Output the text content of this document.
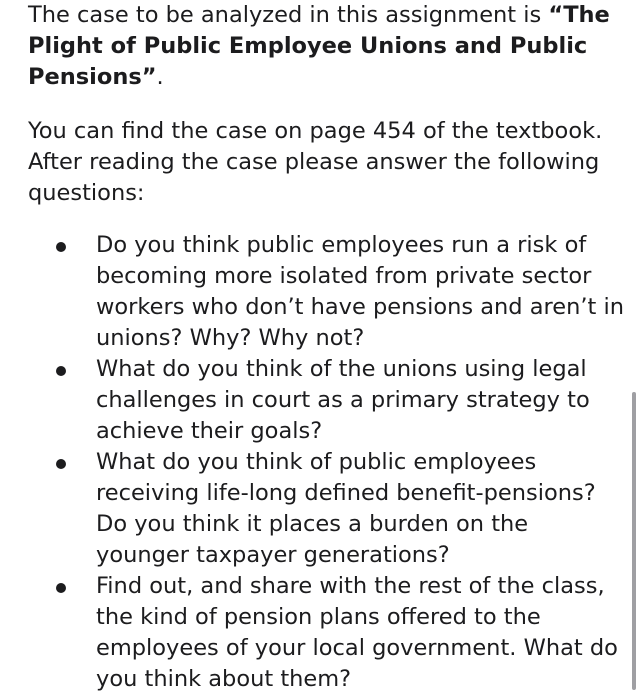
The case to be analyzed in this assignment is “The Plight of Public Employee Unions and Public Pensions”.

You can find the case on page 454 of the textbook. After reading the case please answer the following questions:

Do you think public employees run a risk of becoming more isolated from private sector workers who don’t have pensions and aren’t in unions? Why? Why not?
What do you think of the unions using legal challenges in court as a primary strategy to achieve their goals?
What do you think of public employees receiving life-long defined benefit-pensions? Do you think it places a burden on the younger taxpayer generations?
Find out, and share with the rest of the class, the kind of pension plans offered to the employees of your local government. What do you think about them?
